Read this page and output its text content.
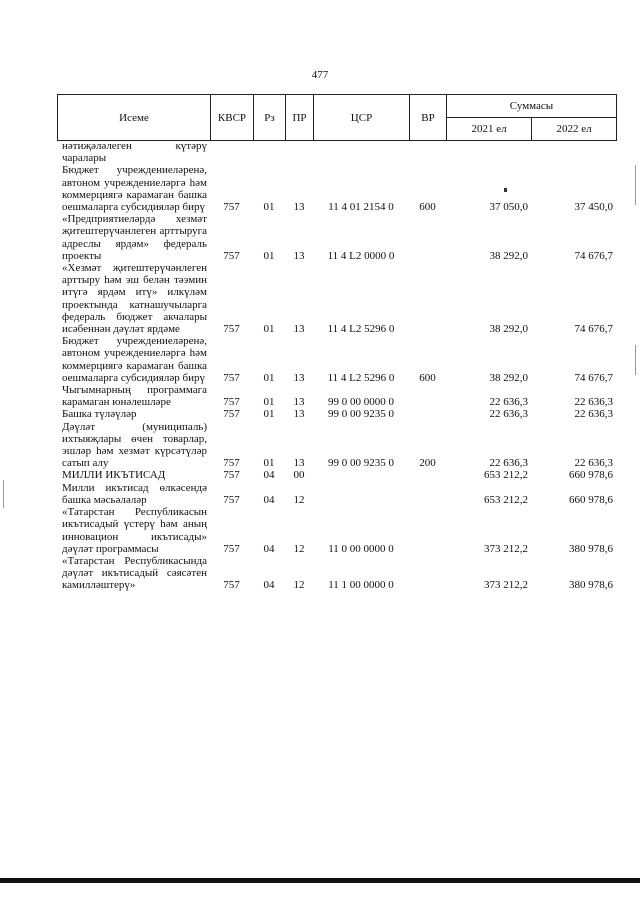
477
Исеме	КВСР	Рз	ПР	ЦСР	ВР	Суммасы	
						2021 ел	2022 ел
нәтиҗәләлеген күтәрү чаралары							
Бюджет учреждениеләренә, автоном учреждениеләргә һәм коммерциягә карамаган башка оешмаларга субсидияләр бирү	757	01	13	11 4 01 2154 0	600	37 050,0	37 450,0
«Предприятиеләрдә хезмәт җитештерүчәнлеген арттыруга адреслы ярдәм» федераль проекты	757	01	13	11 4 L2 0000 0		38 292,0	74 676,7
«Хезмәт җитештерүчәнлеген арттыру һәм эш белән тәэмин итүгә ярдәм итү» илкүләм проектында катнашучыларга федераль бюджет акчалары исәбеннән дәүләт ярдәме	757	01	13	11 4 L2 5296 0		38 292,0	74 676,7
Бюджет учреждениеләренә, автоном учреждениеләргә һәм коммерциягә карамаган башка оешмаларга субсидияләр бирү	757	01	13	11 4 L2 5296 0	600	38 292,0	74 676,7
Чыгымнарның программага карамаган юнәлешләре	757	01	13	99 0 00 0000 0		22 636,3	22 636,3
Башка түләүләр	757	01	13	99 0 00 9235 0		22 636,3	22 636,3
Дәүләт (муниципаль) ихтыяҗлары өчен товарлар, эшләр һәм хезмәт күрсәтүләр сатып алу	757	01	13	99 0 00 9235 0	200	22 636,3	22 636,3
МИЛЛИ ИКЪТИСАД	757	04	00			653 212,2	660 978,6
Милли икътисад өлкәсендә башка мәсьәләләр	757	04	12			653 212,2	660 978,6
«Татарстан Республикасын икътисадый үстерү һәм аның инновацион икътисады» дәүләт программасы	757	04	12	11 0 00 0000 0		373 212,2	380 978,6
«Татарстан Республикасында дәүләт икътисадый сәясәтен камилләштерү»	757	04	12	11 1 00 0000 0		373 212,2	380 978,6
